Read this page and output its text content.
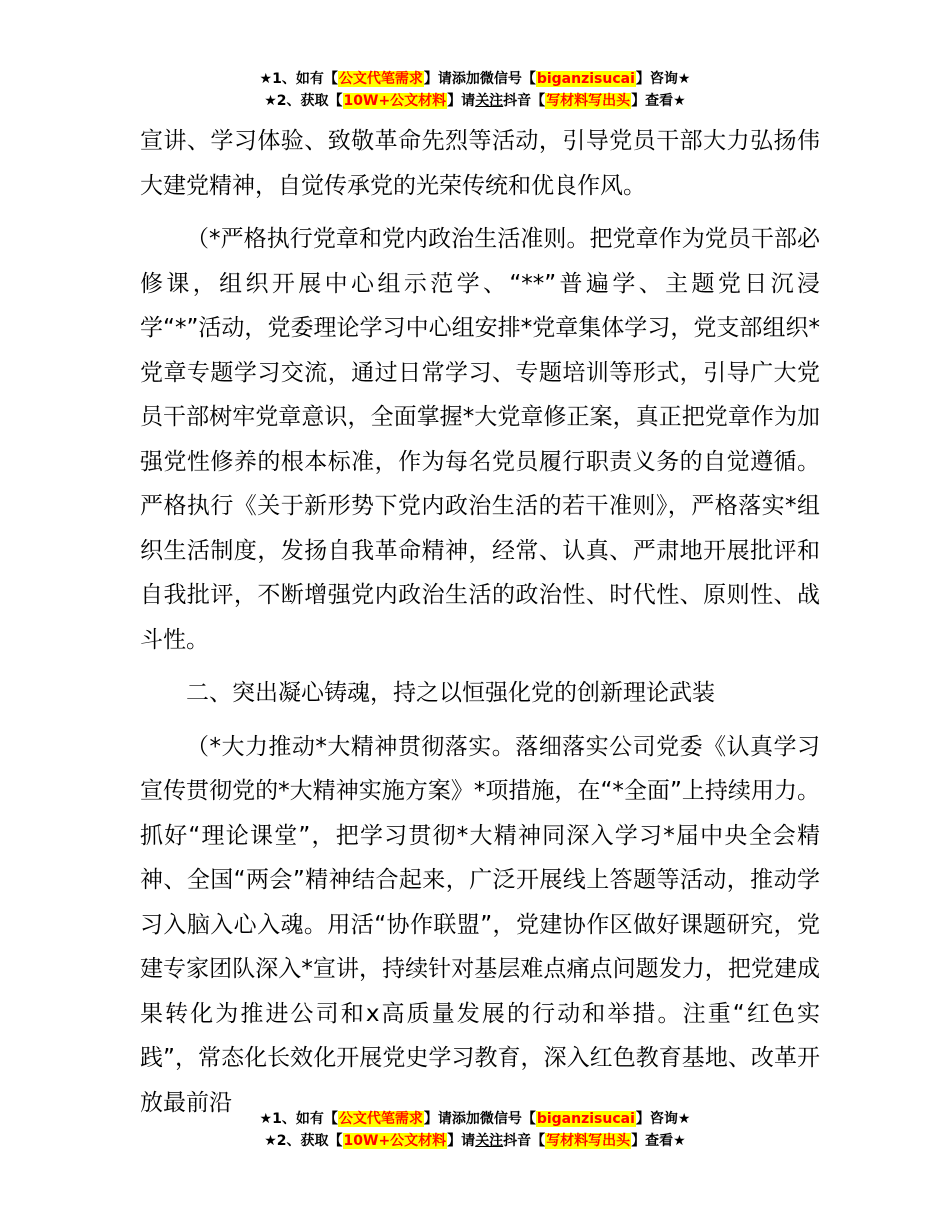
★1、如有【公文代笔需求】请添加微信号【biganzisucai】咨询★
★2、获取【10W+公文材料】请关注抖音【写材料写出头】查看★

宣讲、学习体验、致敬革命先烈等活动，引导党员干部大力弘扬伟大建党精神，自觉传承党的光荣传统和优良作风。

（*严格执行党章和党内政治生活准则。把党章作为党员干部必修课，组织开展中心组示范学、“**”普遍学、主题党日沉浸学“*”活动，党委理论学习中心组安排*党章集体学习，党支部组织*党章专题学习交流，通过日常学习、专题培训等形式，引导广大党员干部树牢党章意识，全面掌握*大党章修正案，真正把党章作为加强党性修养的根本标准，作为每名党员履行职责义务的自觉遵循。严格执行《关于新形势下党内政治生活的若干准则》，严格落实*组织生活制度，发扬自我革命精神，经常、认真、严肃地开展批评和自我批评，不断增强党内政治生活的政治性、时代性、原则性、战斗性。

二、突出凝心铸魂，持之以恒强化党的创新理论武装

（*大力推动*大精神贯彻落实。落细落实公司党委《认真学习宣传贯彻党的*大精神实施方案》*项措施，在“*全面”上持续用力。抓好“理论课堂”，把学习贯彻*大精神同深入学习*届中央全会精神、全国“两会”精神结合起来，广泛开展线上答题等活动，推动学习入脑入心入魂。用活“协作联盟”，党建协作区做好课题研究，党建专家团队深入*宣讲，持续针对基层难点痛点问题发力，把党建成果转化为推进公司和x高质量发展的行动和举措。注重“红色实践”，常态化长效化开展党史学习教育，深入红色教育基地、改革开放最前沿

★1、如有【公文代笔需求】请添加微信号【biganzisucai】咨询★
★2、获取【10W+公文材料】请关注抖音【写材料写出头】查看★
